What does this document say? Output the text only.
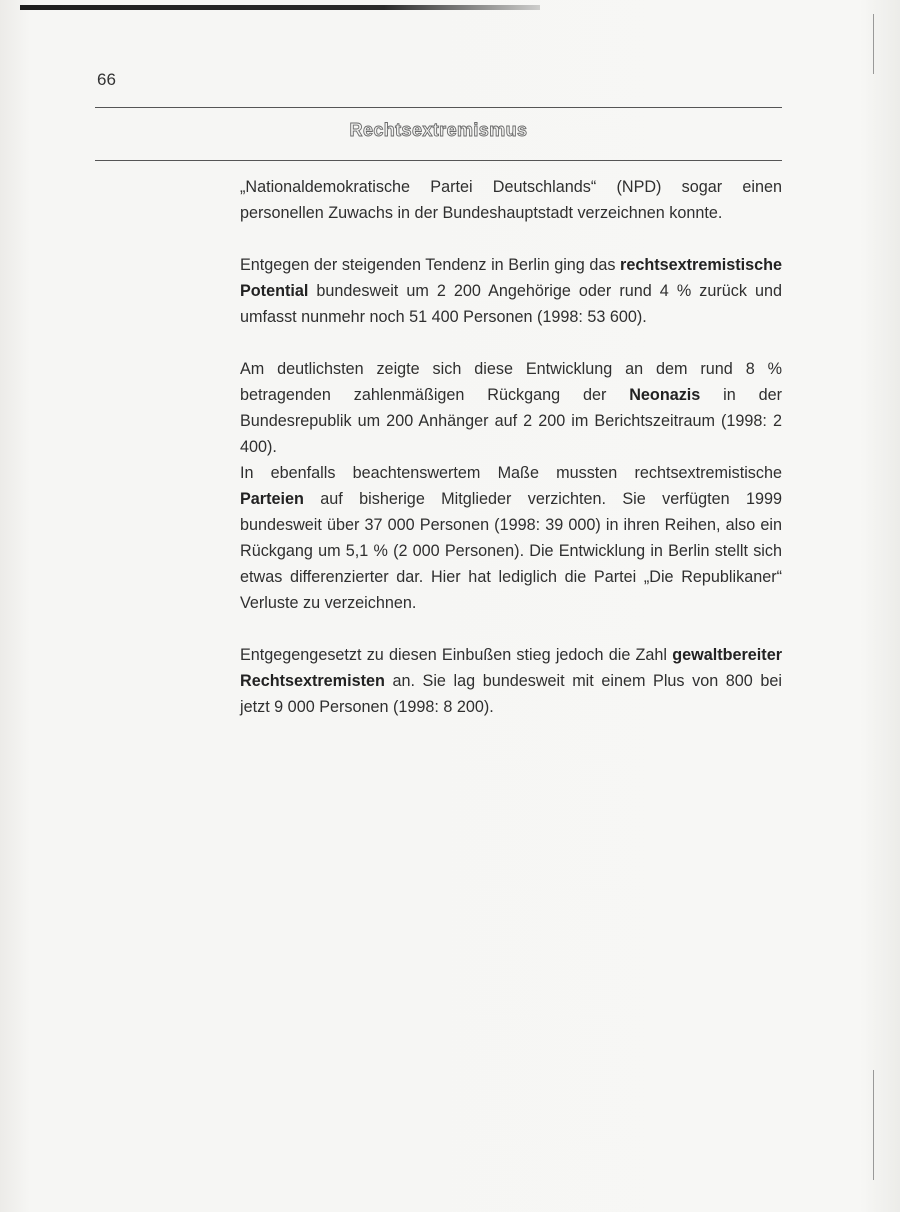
66
Rechtsextremismus

„Nationaldemokratische Partei Deutschlands“ (NPD) sogar einen personellen Zuwachs in der Bundeshauptstadt verzeichnen konnte.

Entgegen der steigenden Tendenz in Berlin ging das rechtsextremistische Potential bundesweit um 2 200 Angehörige oder rund 4 % zurück und umfasst nunmehr noch 51 400 Personen (1998: 53 600).

Am deutlichsten zeigte sich diese Entwicklung an dem rund 8 % betragenden zahlenmäßigen Rückgang der Neonazis in der Bundesrepublik um 200 Anhänger auf 2 200 im Berichtszeitraum (1998: 2 400).

In ebenfalls beachtenswertem Maße mussten rechtsextremistische Parteien auf bisherige Mitglieder verzichten. Sie verfügten 1999 bundesweit über 37 000 Personen (1998: 39 000) in ihren Reihen, also ein Rückgang um 5,1 % (2 000 Personen). Die Entwicklung in Berlin stellt sich etwas differenzierter dar. Hier hat lediglich die Partei „Die Republikaner“ Verluste zu verzeichnen.

Entgegengesetzt zu diesen Einbußen stieg jedoch die Zahl gewaltbereiter Rechtsextremisten an. Sie lag bundesweit mit einem Plus von 800 bei jetzt 9 000 Personen (1998: 8 200).
